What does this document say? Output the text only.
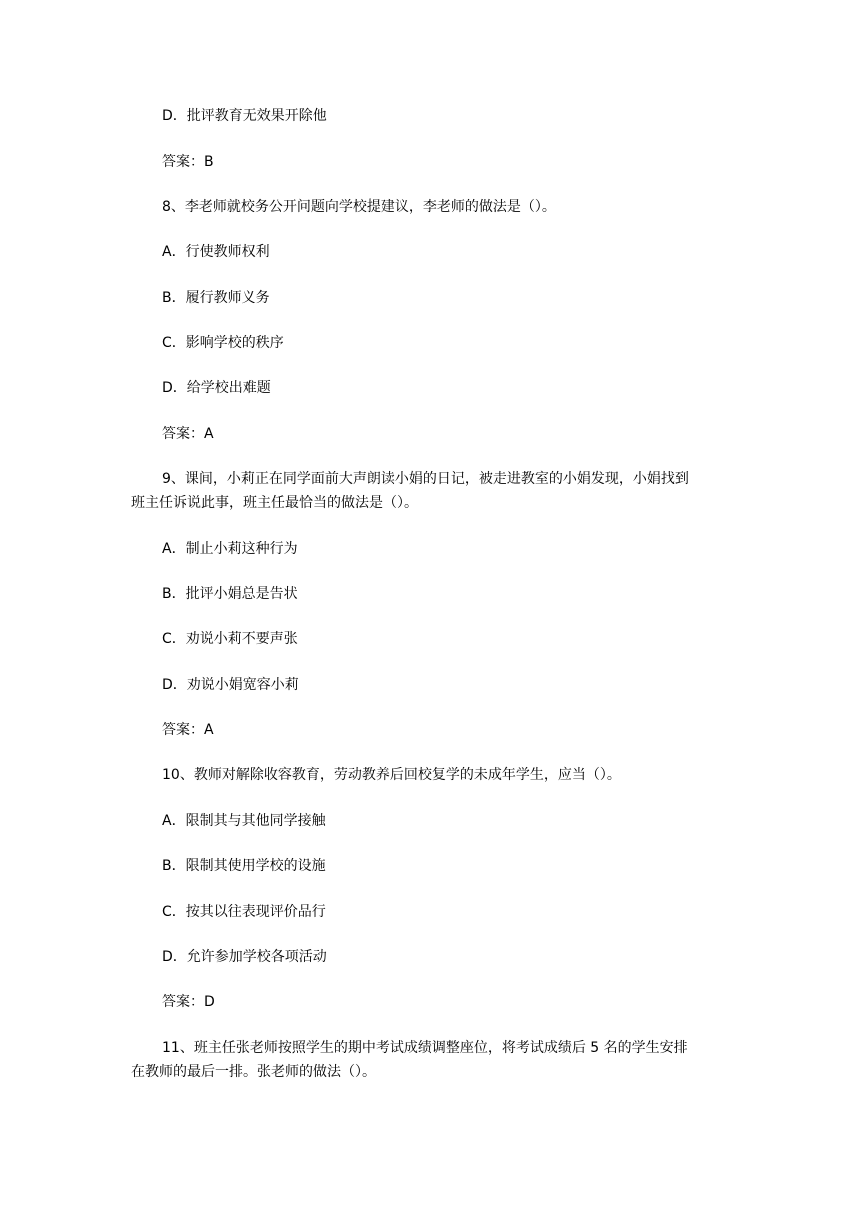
D．批评教育无效果开除他
答案：B
8、李老师就校务公开问题向学校提建议，李老师的做法是（）。
A．行使教师权利
B．履行教师义务
C．影响学校的秩序
D．给学校出难题
答案：A
9、课间，小莉正在同学面前大声朗读小娟的日记，被走进教室的小娟发现，小娟找到
班主任诉说此事，班主任最恰当的做法是（）。
A．制止小莉这种行为
B．批评小娟总是告状
C．劝说小莉不要声张
D．劝说小娟宽容小莉
答案：A
10、教师对解除收容教育，劳动教养后回校复学的未成年学生，应当（）。
A．限制其与其他同学接触
B．限制其使用学校的设施
C．按其以往表现评价品行
D．允许参加学校各项活动
答案：D
11、班主任张老师按照学生的期中考试成绩调整座位，将考试成绩后 5 名的学生安排
在教师的最后一排。张老师的做法（）。
